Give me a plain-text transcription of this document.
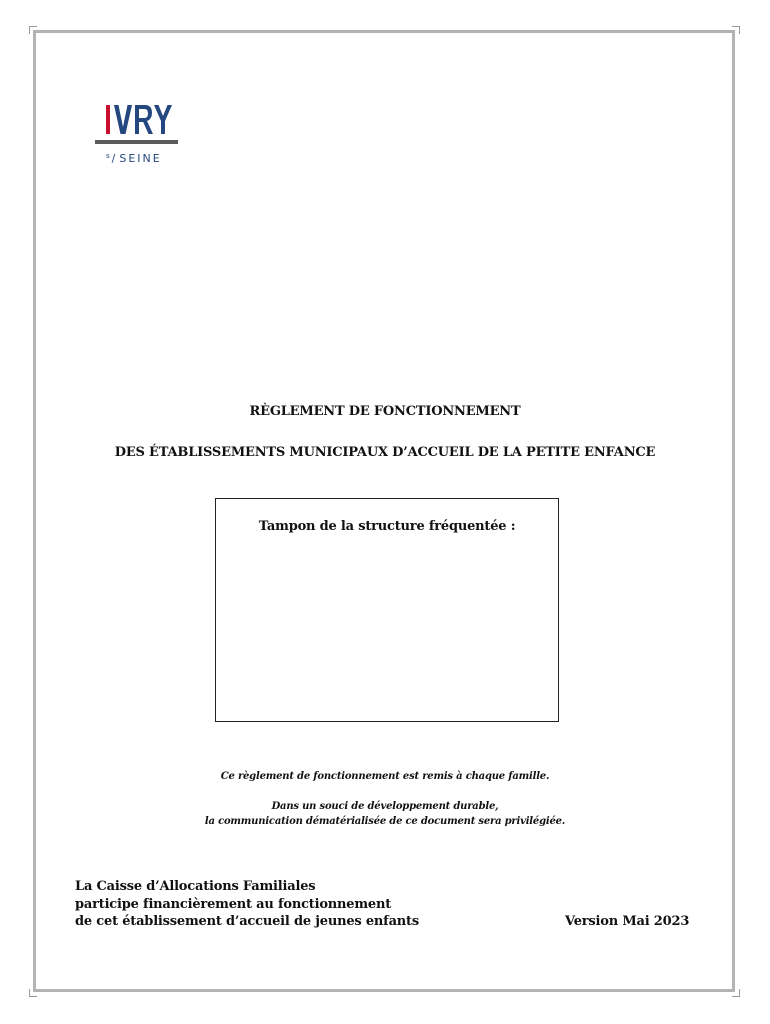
$^s$/ SEINE
RÈGLEMENT DE FONCTIONNEMENT
DES ÉTABLISSEMENTS MUNICIPAUX D’ACCUEIL DE LA PETITE ENFANCE
Tampon de la structure fréquentée :
Ce règlement de fonctionnement est remis à chaque famille.
Dans un souci de développement durable,
la communication dématérialisée de ce document sera privilégiée.
La Caisse d’Allocations Familiales
participe financièrement au fonctionnement
de cet établissement d’accueil de jeunes enfants	Version Mai 2023
